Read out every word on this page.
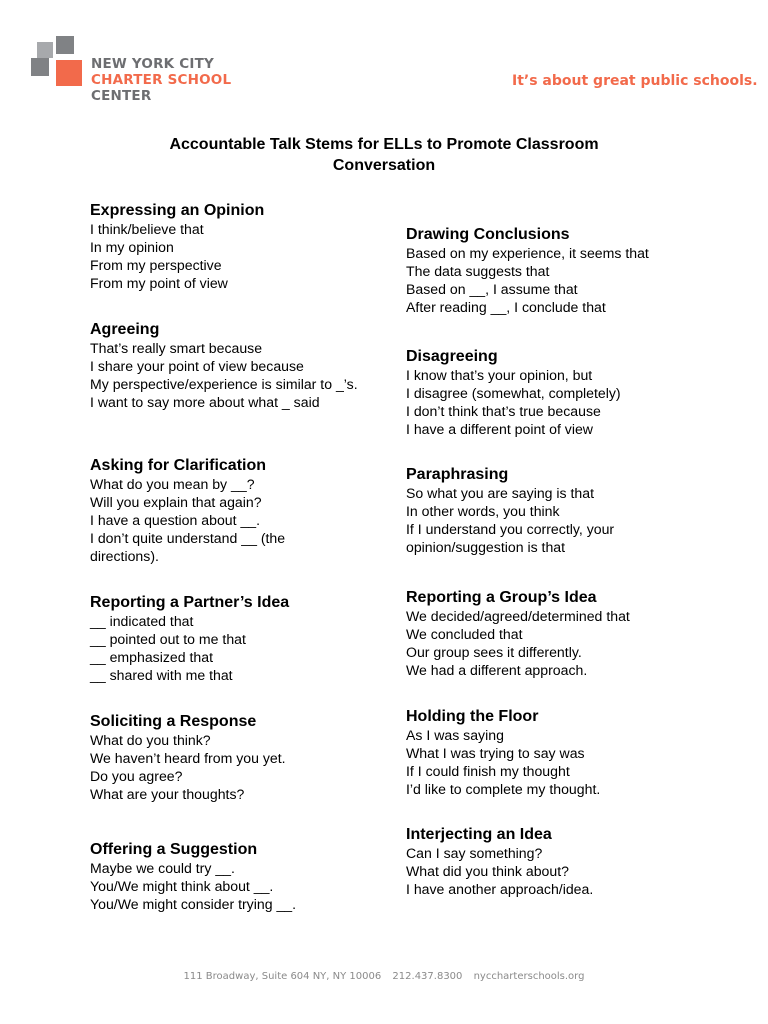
NEW YORK CITY
CHARTER SCHOOL
CENTER
It’s about great public schools.
Accountable Talk Stems for ELLs to Promote Classroom
Conversation
Expressing an Opinion
I think/believe that
In my opinion
From my perspective
From my point of view
Agreeing
That’s really smart because
I share your point of view because
My perspective/experience is similar to _’s. I want to say more about what _ said
Asking for Clarification
What do you mean by __?
Will you explain that again?
I have a question about __.
I don’t quite understand __ (the directions).
Reporting a Partner’s Idea
__ indicated that
__ pointed out to me that
__ emphasized that
__ shared with me that
Soliciting a Response
What do you think?
We haven’t heard from you yet.
Do you agree?
What are your thoughts?
Offering a Suggestion
Maybe we could try __.
You/We might think about __.
You/We might consider trying __.
Drawing Conclusions
Based on my experience, it seems that
The data suggests that
Based on __, I assume that
After reading __, I conclude that
Disagreeing
I know that’s your opinion, but
I disagree (somewhat, completely)
I don’t think that’s true because
I have a different point of view
Paraphrasing
So what you are saying is that
In other words, you think
If I understand you correctly, your opinion/suggestion is that
Reporting a Group’s Idea
We decided/agreed/determined that
We concluded that
Our group sees it differently.
We had a different approach.
Holding the Floor
As I was saying
What I was trying to say was
If I could finish my thought
I’d like to complete my thought.
Interjecting an Idea
Can I say something?
What did you think about?
I have another approach/idea.
111 Broadway, Suite 604 NY, NY 10006 212.437.8300 nyccharterschools.org
